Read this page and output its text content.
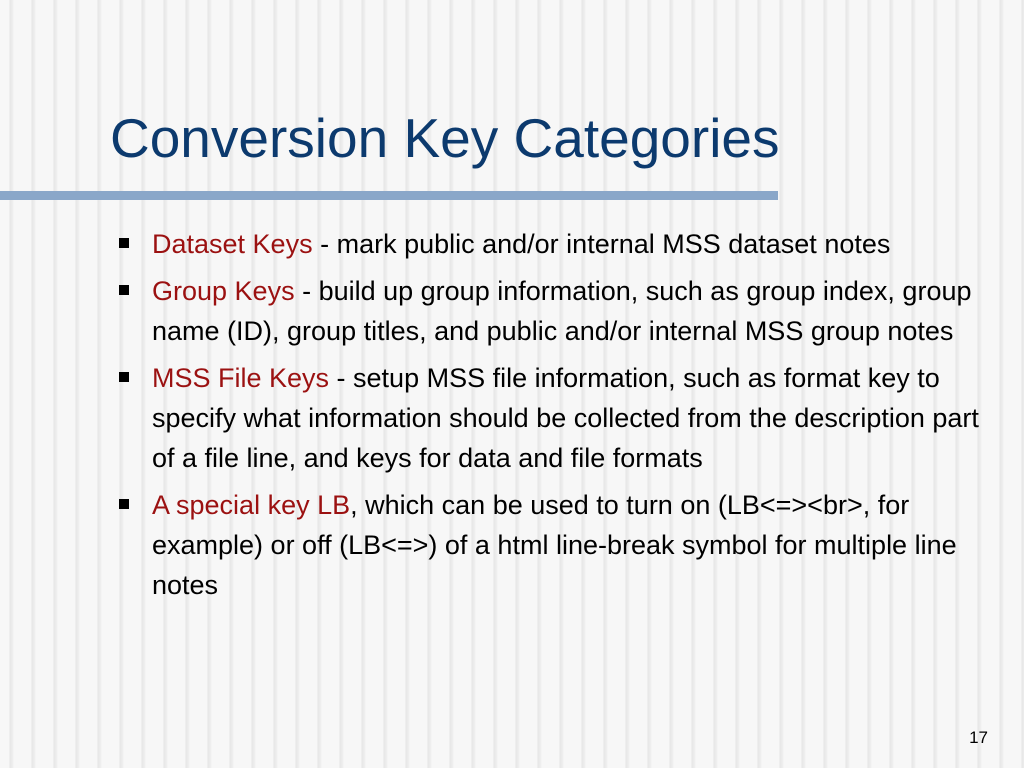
Conversion Key Categories
Dataset Keys - mark public and/or internal MSS dataset notes
Group Keys - build up group information, such as group index, group name (ID), group titles, and public and/or internal MSS group notes
MSS File Keys - setup MSS file information, such as format key to specify what information should be collected from the description part of a file line, and keys for data and file formats
A special key LB, which can be used to turn on (LB<=><br>, for example) or off (LB<=>) of a html line-break symbol for multiple line notes
17
